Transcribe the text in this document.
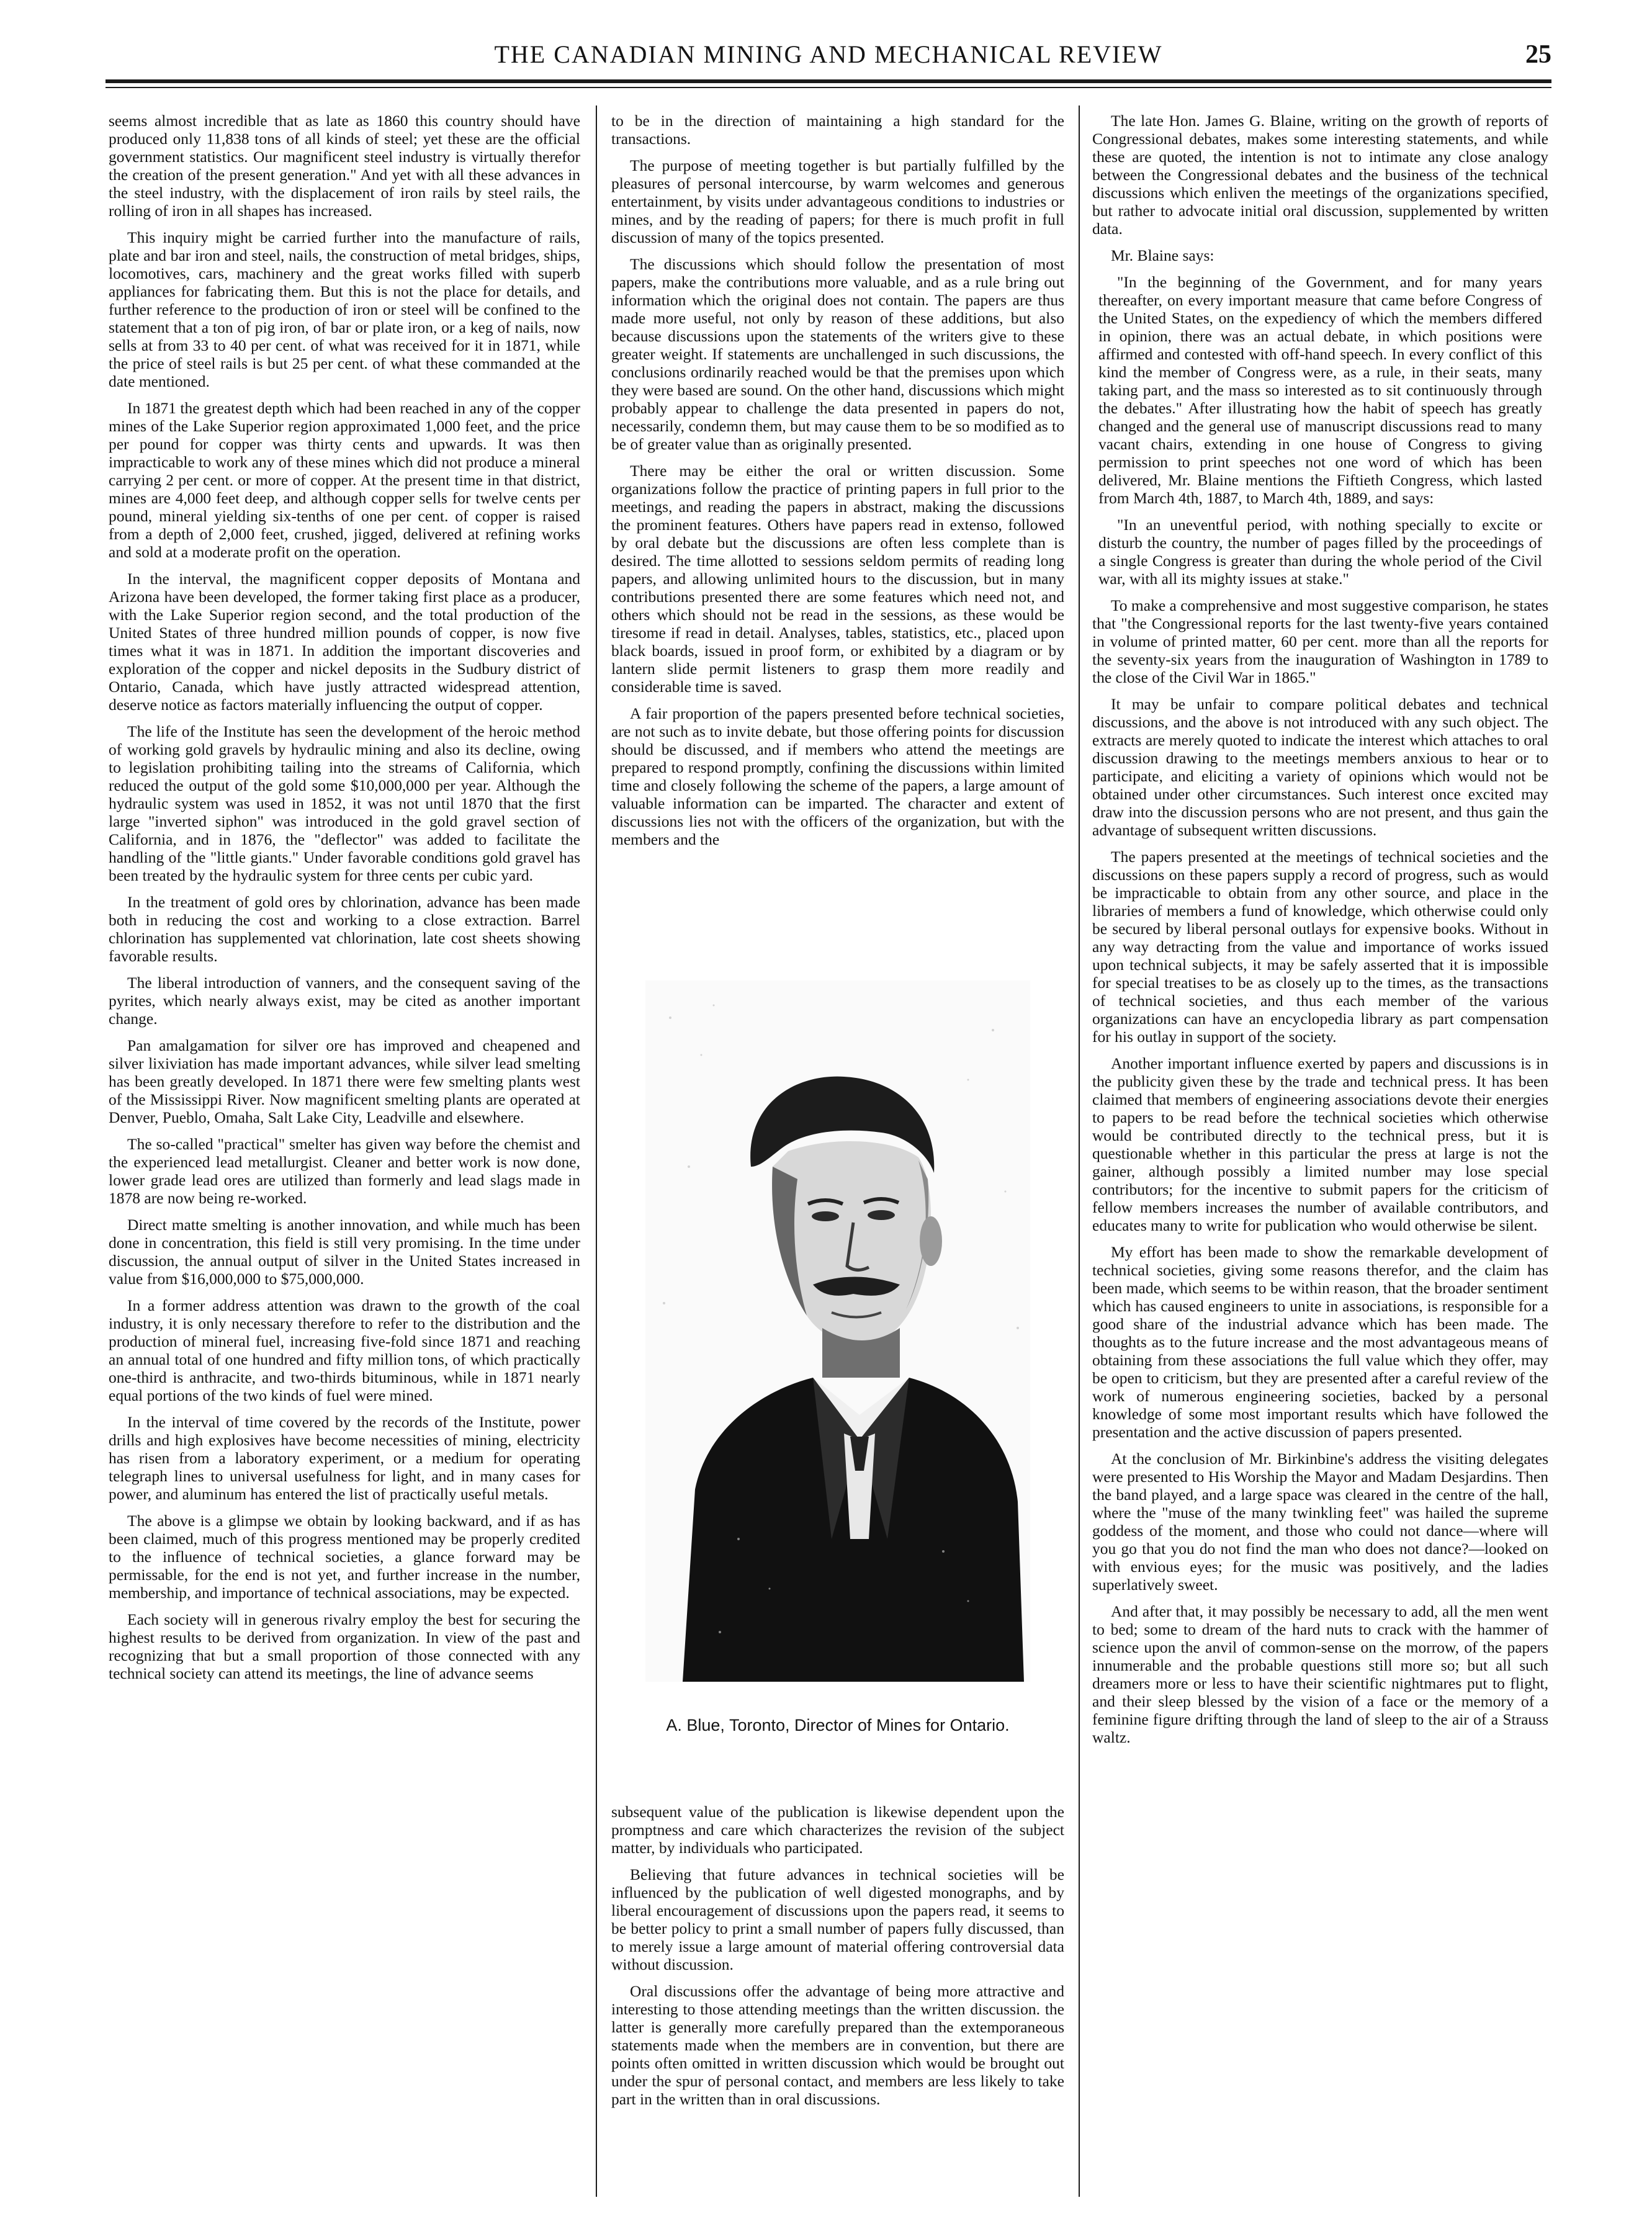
THE CANADIAN MINING AND MECHANICAL REVIEW	25

seems almost incredible that as late as 1860 this country should have produced only 11,838 tons of all kinds of steel; yet these are the official government statistics. Our magnificent steel industry is virtually therefor the creation of the present generation." And yet with all these advances in the steel industry, with the displacement of iron rails by steel rails, the rolling of iron in all shapes has increased.

This inquiry might be carried further into the manufacture of rails, plate and bar iron and steel, nails, the construction of metal bridges, ships, locomotives, cars, machinery and the great works filled with superb appliances for fabricating them. But this is not the place for details, and further reference to the production of iron or steel will be confined to the statement that a ton of pig iron, of bar or plate iron, or a keg of nails, now sells at from 33 to 40 per cent. of what was received for it in 1871, while the price of steel rails is but 25 per cent. of what these commanded at the date mentioned.

In 1871 the greatest depth which had been reached in any of the copper mines of the Lake Superior region approximated 1,000 feet, and the price per pound for copper was thirty cents and upwards. It was then impracticable to work any of these mines which did not produce a mineral carrying 2 per cent. or more of copper. At the present time in that district, mines are 4,000 feet deep, and although copper sells for twelve cents per pound, mineral yielding six-tenths of one per cent. of copper is raised from a depth of 2,000 feet, crushed, jigged, delivered at refining works and sold at a moderate profit on the operation.

In the interval, the magnificent copper deposits of Montana and Arizona have been developed, the former taking first place as a producer, with the Lake Superior region second, and the total production of the United States of three hundred million pounds of copper, is now five times what it was in 1871. In addition the important discoveries and exploration of the copper and nickel deposits in the Sudbury district of Ontario, Canada, which have justly attracted widespread attention, deserve notice as factors materially influencing the output of copper.

The life of the Institute has seen the development of the heroic method of working gold gravels by hydraulic mining and also its decline, owing to legislation prohibiting tailing into the streams of California, which reduced the output of the gold some $10,000,000 per year. Although the hydraulic system was used in 1852, it was not until 1870 that the first large "inverted siphon" was introduced in the gold gravel section of California, and in 1876, the "deflector" was added to facilitate the handling of the "little giants." Under favorable conditions gold gravel has been treated by the hydraulic system for three cents per cubic yard.

In the treatment of gold ores by chlorination, advance has been made both in reducing the cost and working to a close extraction. Barrel chlorination has supplemented vat chlorination, late cost sheets showing favorable results.

The liberal introduction of vanners, and the consequent saving of the pyrites, which nearly always exist, may be cited as another important change.

Pan amalgamation for silver ore has improved and cheapened and silver lixiviation has made important advances, while silver lead smelting has been greatly developed. In 1871 there were few smelting plants west of the Mississippi River. Now magnificent smelting plants are operated at Denver, Pueblo, Omaha, Salt Lake City, Leadville and elsewhere.

The so-called "practical" smelter has given way before the chemist and the experienced lead metallurgist. Cleaner and better work is now done, lower grade lead ores are utilized than formerly and lead slags made in 1878 are now being re-worked.

Direct matte smelting is another innovation, and while much has been done in concentration, this field is still very promising. In the time under discussion, the annual output of silver in the United States increased in value from $16,000,000 to $75,000,000.

In a former address attention was drawn to the growth of the coal industry, it is only necessary therefore to refer to the distribution and the production of mineral fuel, increasing five-fold since 1871 and reaching an annual total of one hundred and fifty million tons, of which practically one-third is anthracite, and two-thirds bituminous, while in 1871 nearly equal portions of the two kinds of fuel were mined.

In the interval of time covered by the records of the Institute, power drills and high explosives have become necessities of mining, electricity has risen from a laboratory experiment, or a medium for operating telegraph lines to universal usefulness for light, and in many cases for power, and aluminum has entered the list of practically useful metals.

The above is a glimpse we obtain by looking backward, and if as has been claimed, much of this progress mentioned may be properly credited to the influence of technical societies, a glance forward may be permissable, for the end is not yet, and further increase in the number, membership, and importance of technical associations, may be expected.

Each society will in generous rivalry employ the best for securing the highest results to be derived from organization. In view of the past and recognizing that but a small proportion of those connected with any technical society can attend its meetings, the line of advance seems

to be in the direction of maintaining a high standard for the transactions.

The purpose of meeting together is but partially fulfilled by the pleasures of personal intercourse, by warm welcomes and generous entertainment, by visits under advantageous conditions to industries or mines, and by the reading of papers; for there is much profit in full discussion of many of the topics presented.

The discussions which should follow the presentation of most papers, make the contributions more valuable, and as a rule bring out information which the original does not contain. The papers are thus made more useful, not only by reason of these additions, but also because discussions upon the statements of the writers give to these greater weight. If statements are unchallenged in such discussions, the conclusions ordinarily reached would be that the premises upon which they were based are sound. On the other hand, discussions which might probably appear to challenge the data presented in papers do not, necessarily, condemn them, but may cause them to be so modified as to be of greater value than as originally presented.

There may be either the oral or written discussion. Some organizations follow the practice of printing papers in full prior to the meetings, and reading the papers in abstract, making the discussions the prominent features. Others have papers read in extenso, followed by oral debate but the discussions are often less complete than is desired. The time allotted to sessions seldom permits of reading long papers, and allowing unlimited hours to the discussion, but in many contributions presented there are some features which need not, and others which should not be read in the sessions, as these would be tiresome if read in detail. Analyses, tables, statistics, etc., placed upon black boards, issued in proof form, or exhibited by a diagram or by lantern slide permit listeners to grasp them more readily and considerable time is saved.

A fair proportion of the papers presented before technical societies, are not such as to invite debate, but those offering points for discussion should be discussed, and if members who attend the meetings are prepared to respond promptly, confining the discussions within limited time and closely following the scheme of the papers, a large amount of valuable information can be imparted. The character and extent of discussions lies not with the officers of the organization, but with the members and the

A. Blue, Toronto, Director of Mines for Ontario.

subsequent value of the publication is likewise dependent upon the promptness and care which characterizes the revision of the subject matter, by individuals who participated.

Believing that future advances in technical societies will be influenced by the publication of well digested monographs, and by liberal encouragement of discussions upon the papers read, it seems to be better policy to print a small number of papers fully discussed, than to merely issue a large amount of material offering controversial data without discussion.

Oral discussions offer the advantage of being more attractive and interesting to those attending meetings than the written discussion. the latter is generally more carefully prepared than the extemporaneous statements made when the members are in convention, but there are points often omitted in written discussion which would be brought out under the spur of personal contact, and members are less likely to take part in the written than in oral discussions.

The late Hon. James G. Blaine, writing on the growth of reports of Congressional debates, makes some interesting statements, and while these are quoted, the intention is not to intimate any close analogy between the Congressional debates and the business of the technical discussions which enliven the meetings of the organizations specified, but rather to advocate initial oral discussion, supplemented by written data.

Mr. Blaine says:

"In the beginning of the Government, and for many years thereafter, on every important measure that came before Congress of the United States, on the expediency of which the members differed in opinion, there was an actual debate, in which positions were affirmed and contested with off-hand speech. In every conflict of this kind the member of Congress were, as a rule, in their seats, many taking part, and the mass so interested as to sit continuously through the debates." After illustrating how the habit of speech has greatly changed and the general use of manuscript discussions read to many vacant chairs, extending in one house of Congress to giving permission to print speeches not one word of which has been delivered, Mr. Blaine mentions the Fiftieth Congress, which lasted from March 4th, 1887, to March 4th, 1889, and says:

"In an uneventful period, with nothing specially to excite or disturb the country, the number of pages filled by the proceedings of a single Congress is greater than during the whole period of the Civil war, with all its mighty issues at stake."

To make a comprehensive and most suggestive comparison, he states that "the Congressional reports for the last twenty-five years contained in volume of printed matter, 60 per cent. more than all the reports for the seventy-six years from the inauguration of Washington in 1789 to the close of the Civil War in 1865."

It may be unfair to compare political debates and technical discussions, and the above is not introduced with any such object. The extracts are merely quoted to indicate the interest which attaches to oral discussion drawing to the meetings members anxious to hear or to participate, and eliciting a variety of opinions which would not be obtained under other circumstances. Such interest once excited may draw into the discussion persons who are not present, and thus gain the advantage of subsequent written discussions.

The papers presented at the meetings of technical societies and the discussions on these papers supply a record of progress, such as would be impracticable to obtain from any other source, and place in the libraries of members a fund of knowledge, which otherwise could only be secured by liberal personal outlays for expensive books. Without in any way detracting from the value and importance of works issued upon technical subjects, it may be safely asserted that it is impossible for special treatises to be as closely up to the times, as the transactions of technical societies, and thus each member of the various organizations can have an encyclopedia library as part compensation for his outlay in support of the society.

Another important influence exerted by papers and discussions is in the publicity given these by the trade and technical press. It has been claimed that members of engineering associations devote their energies to papers to be read before the technical societies which otherwise would be contributed directly to the technical press, but it is questionable whether in this particular the press at large is not the gainer, although possibly a limited number may lose special contributors; for the incentive to submit papers for the criticism of fellow members increases the number of available contributors, and educates many to write for publication who would otherwise be silent.

My effort has been made to show the remarkable development of technical societies, giving some reasons therefor, and the claim has been made, which seems to be within reason, that the broader sentiment which has caused engineers to unite in associations, is responsible for a good share of the industrial advance which has been made. The thoughts as to the future increase and the most advantageous means of obtaining from these associations the full value which they offer, may be open to criticism, but they are presented after a careful review of the work of numerous engineering societies, backed by a personal knowledge of some most important results which have followed the presentation and the active discussion of papers presented.

At the conclusion of Mr. Birkinbine's address the visiting delegates were presented to His Worship the Mayor and Madam Desjardins. Then the band played, and a large space was cleared in the centre of the hall, where the "muse of the many twinkling feet" was hailed the supreme goddess of the moment, and those who could not dance—where will you go that you do not find the man who does not dance?—looked on with envious eyes; for the music was positively, and the ladies superlatively sweet.

And after that, it may possibly be necessary to add, all the men went to bed; some to dream of the hard nuts to crack with the hammer of science upon the anvil of common-sense on the morrow, of the papers innumerable and the probable questions still more so; but all such dreamers more or less to have their scientific nightmares put to flight, and their sleep blessed by the vision of a face or the memory of a feminine figure drifting through the land of sleep to the air of a Strauss waltz.
